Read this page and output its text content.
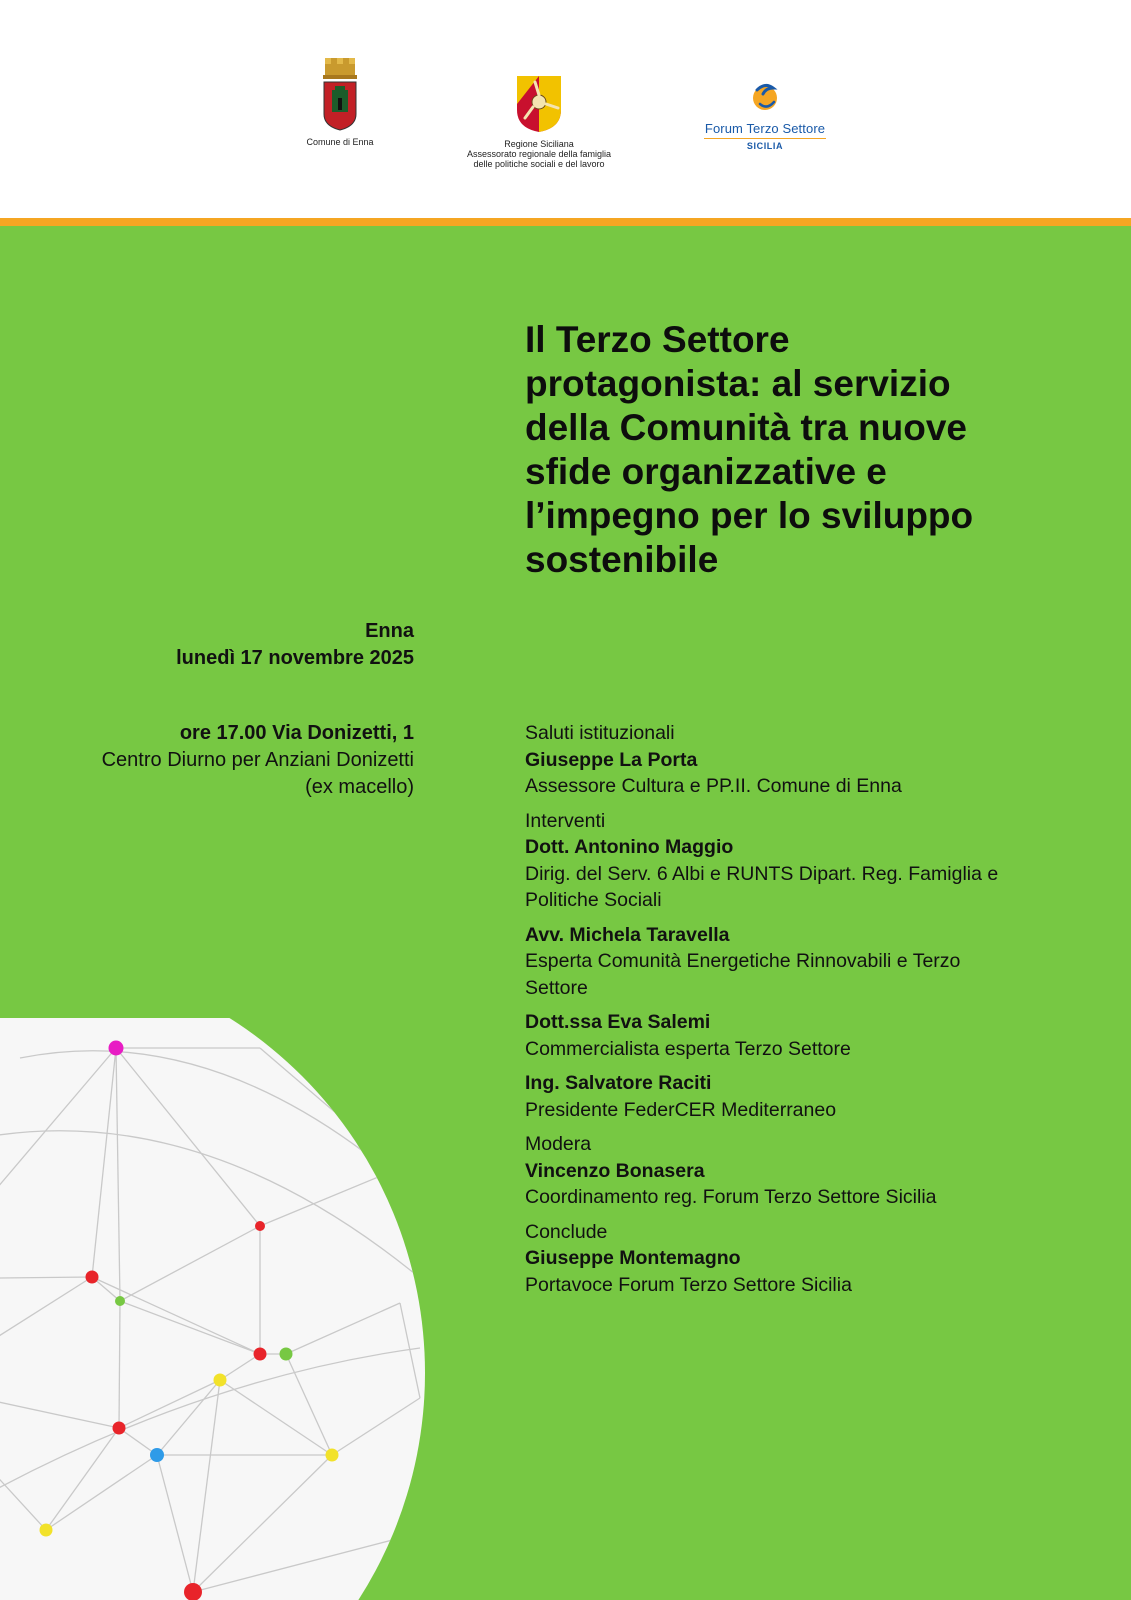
Comune di Enna	Regione Siciliana
Assessorato regionale della famiglia
delle politiche sociali e del lavoro
Forum Terzo Settore
SICILIA
Il Terzo Settore
protagonista: al servizio
della Comunità tra nuove
sfide organizzative e
l’impegno per lo sviluppo
sostenibile
Enna
lunedì 17 novembre 2025
ore 17.00 Via Donizetti, 1
Centro Diurno per Anziani Donizetti
(ex macello)
Saluti istituzionali
Giuseppe La Porta
Assessore Cultura e PP.II. Comune di Enna
Interventi
Dott. Antonino Maggio
Dirig. del Serv. 6 Albi e RUNTS Dipart. Reg. Famiglia e
Politiche Sociali
Avv. Michela Taravella
Esperta Comunità Energetiche Rinnovabili e Terzo
Settore
Dott.ssa Eva Salemi
Commercialista esperta Terzo Settore
Ing. Salvatore Raciti
Presidente FederCER Mediterraneo
Modera
Vincenzo Bonasera
Coordinamento reg. Forum Terzo Settore Sicilia
Conclude
Giuseppe Montemagno
Portavoce Forum Terzo Settore Sicilia
